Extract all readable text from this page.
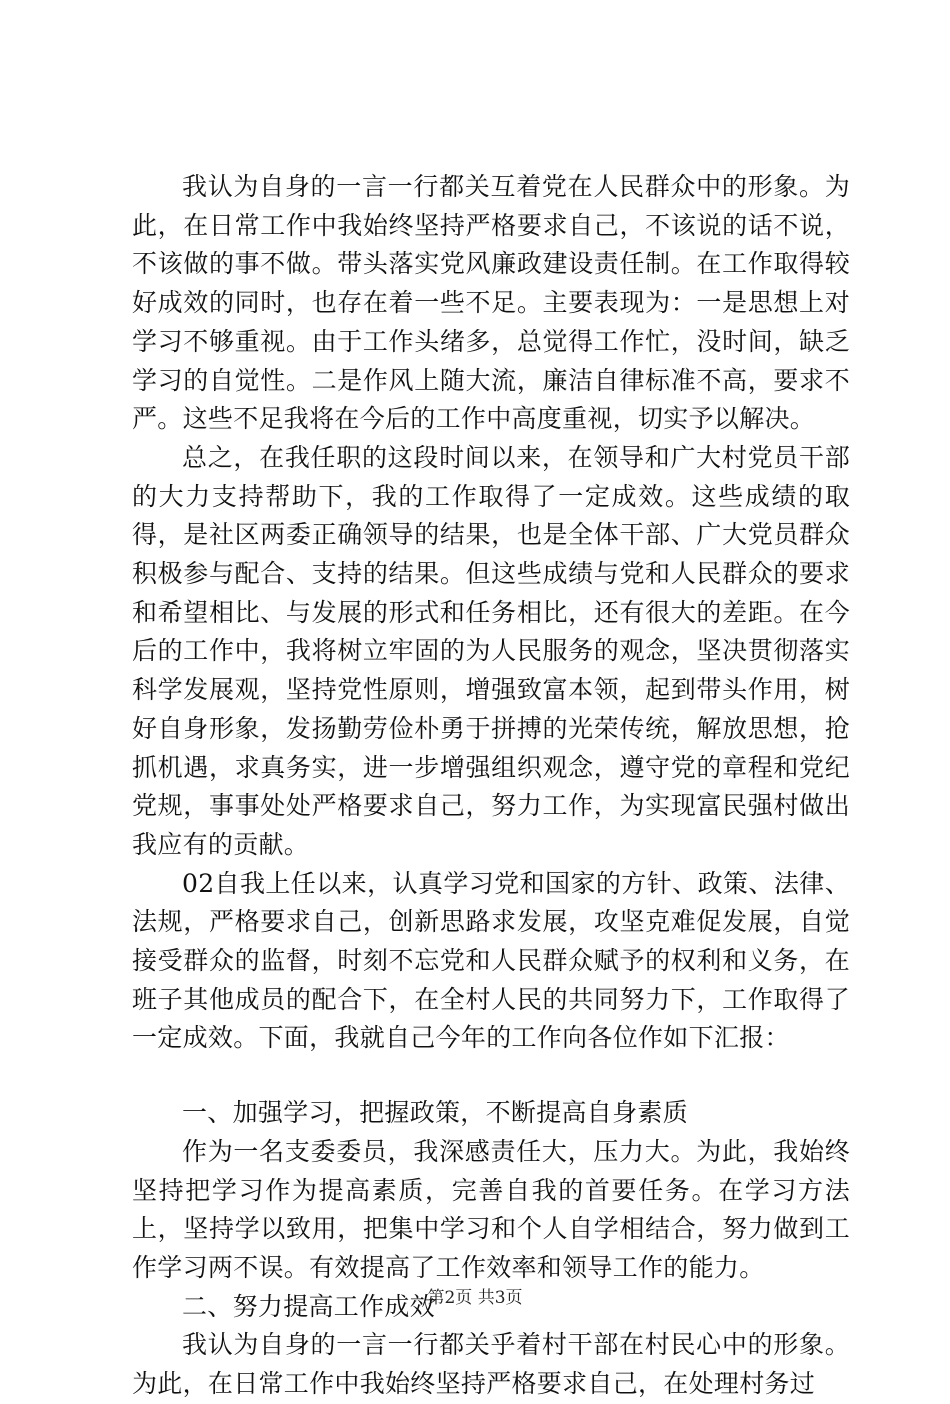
我认为自身的一言一行都关互着党在人民群众中的形象。为此，在日常工作中我始终坚持严格要求自己，不该说的话不说，不该做的事不做。带头落实党风廉政建设责任制。在工作取得较好成效的同时，也存在着一些不足。主要表现为：一是思想上对学习不够重视。由于工作头绪多，总觉得工作忙，没时间，缺乏学习的自觉性。二是作风上随大流，廉洁自律标准不高，要求不严。这些不足我将在今后的工作中高度重视，切实予以解决。

总之，在我任职的这段时间以来，在领导和广大村党员干部的大力支持帮助下，我的工作取得了一定成效。这些成绩的取得，是社区两委正确领导的结果，也是全体干部、广大党员群众积极参与配合、支持的结果。但这些成绩与党和人民群众的要求和希望相比、与发展的形式和任务相比，还有很大的差距。在今后的工作中，我将树立牢固的为人民服务的观念，坚决贯彻落实科学发展观，坚持党性原则，增强致富本领，起到带头作用，树好自身形象，发扬勤劳俭朴勇于拼搏的光荣传统，解放思想，抢抓机遇，求真务实，进一步增强组织观念，遵守党的章程和党纪党规，事事处处严格要求自己，努力工作，为实现富民强村做出我应有的贡献。

02自我上任以来，认真学习党和国家的方针、政策、法律、法规，严格要求自己，创新思路求发展，攻坚克难促发展，自觉接受群众的监督，时刻不忘党和人民群众赋予的权利和义务，在班子其他成员的配合下，在全村人民的共同努力下，工作取得了一定成效。下面，我就自己今年的工作向各位作如下汇报：

一、加强学习，把握政策，不断提高自身素质

作为一名支委委员，我深感责任大，压力大。为此，我始终坚持把学习作为提高素质，完善自我的首要任务。在学习方法上，坚持学以致用，把集中学习和个人自学相结合，努力做到工作学习两不误。有效提高了工作效率和领导工作的能力。

二、努力提高工作成效

我认为自身的一言一行都关乎着村干部在村民心中的形象。为此，在日常工作中我始终坚持严格要求自己，在处理村务过

第2页 共3页
